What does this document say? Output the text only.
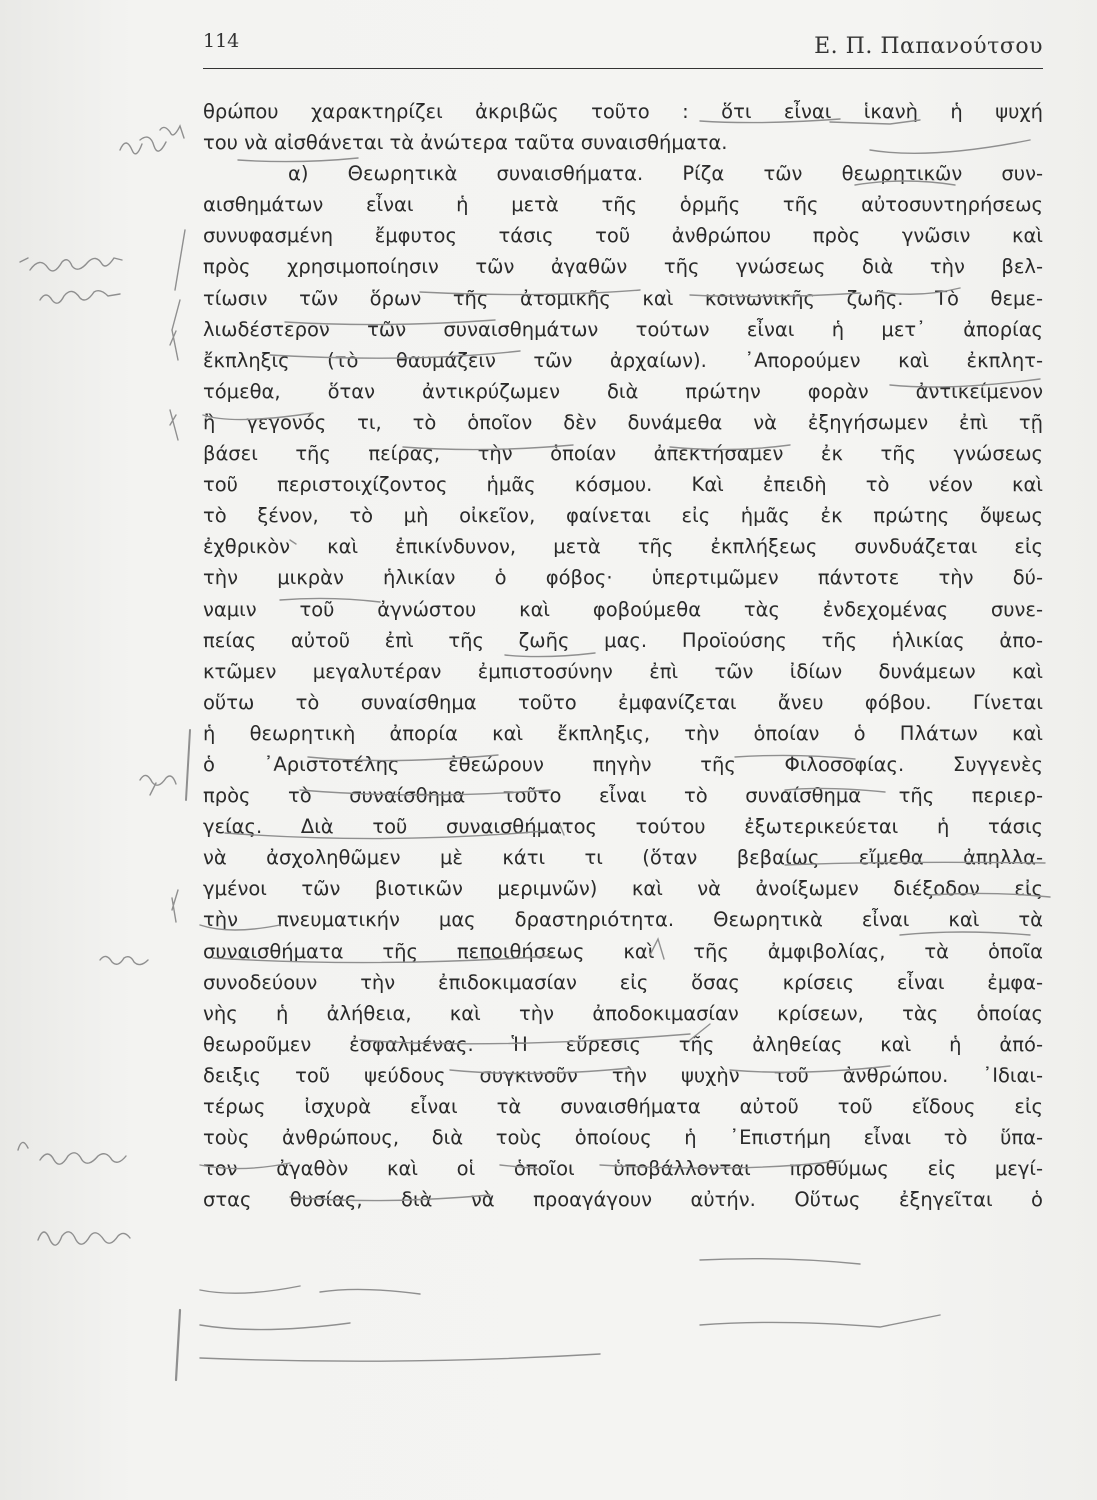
114	Ε. Π. Παπανούτσου
θρώπου χαρακτηρίζει ἀκριβῶς τοῦτο : ὅτι εἶναι ἱκανὴ ἡ ψυχή
του νὰ αἰσθάνεται τὰ ἀνώτερα ταῦτα συναισθήματα.
α) Θεωρητικὰ συναισθήματα. Ρίζα τῶν θεωρητικῶν συν-
αισθημάτων εἶναι ἡ μετὰ τῆς ὁρμῆς τῆς αὐτοσυντηρήσεως
συνυφασμένη ἔμφυτος τάσις τοῦ ἀνθρώπου πρὸς γνῶσιν καὶ
πρὸς χρησιμοποίησιν τῶν ἀγαθῶν τῆς γνώσεως διὰ τὴν βελ-
τίωσιν τῶν ὅρων τῆς ἀτομικῆς καὶ κοινωνικῆς ζωῆς. Τὸ θεμε-
λιωδέστερον τῶν συναισθημάτων τούτων εἶναι ἡ μετ᾽ ἀπορίας
ἔκπληξις (τὸ θαυμάζειν τῶν ἀρχαίων). ᾽Απορούμεν καὶ ἐκπλητ-
τόμεθα, ὅταν ἀντικρύζωμεν διὰ πρώτην φορὰν ἀντικείμενον
ἢ γεγονός τι, τὸ ὁποῖον δὲν δυνάμεθα νὰ ἐξηγήσωμεν ἐπὶ τῇ
βάσει τῆς πείρας, τὴν ὁποίαν ἀπεκτήσαμεν ἐκ τῆς γνώσεως
τοῦ περιστοιχίζοντος ἡμᾶς κόσμου. Καὶ ἐπειδὴ τὸ νέον καὶ
τὸ ξένον, τὸ μὴ οἰκεῖον, φαίνεται εἰς ἡμᾶς ἐκ πρώτης ὄψεως
ἐχθρικὸν καὶ ἐπικίνδυνον, μετὰ τῆς ἐκπλήξεως συνδυάζεται εἰς
τὴν μικρὰν ἡλικίαν ὁ φόβος· ὑπερτιμῶμεν πάντοτε τὴν δύ-
ναμιν τοῦ ἀγνώστου καὶ φοβούμεθα τὰς ἐνδεχομένας συνε-
πείας αὐτοῦ ἐπὶ τῆς ζωῆς μας. Προϊούσης τῆς ἡλικίας ἀπο-
κτῶμεν μεγαλυτέραν ἐμπιστοσύνην ἐπὶ τῶν ἰδίων δυνάμεων καὶ
οὕτω τὸ συναίσθημα τοῦτο ἐμφανίζεται ἄνευ φόβου. Γίνεται
ἡ θεωρητικὴ ἀπορία καὶ ἔκπληξις, τὴν ὁποίαν ὁ Πλάτων καὶ
ὁ ᾽Αριστοτέλης ἐθεώρουν πηγὴν τῆς Φιλοσοφίας. Συγγενὲς
πρὸς τὸ συναίσθημα τοῦτο εἶναι τὸ συναίσθημα τῆς περιερ-
γείας. Διὰ τοῦ συναισθήματος τούτου ἐξωτερικεύεται ἡ τάσις
νὰ ἀσχοληθῶμεν μὲ κάτι τι (ὅταν βεβαίως εἴμεθα ἀπηλλα-
γμένοι τῶν βιοτικῶν μεριμνῶν) καὶ νὰ ἀνοίξωμεν διέξοδον εἰς
τὴν πνευματικήν μας δραστηριότητα. Θεωρητικὰ εἶναι καὶ τὰ
συναισθήματα τῆς πεποιθήσεως καὶ τῆς ἀμφιβολίας, τὰ ὁποῖα
συνοδεύουν τὴν ἐπιδοκιμασίαν εἰς ὅσας κρίσεις εἶναι ἐμφα-
νὴς ἡ ἀλήθεια, καὶ τὴν ἀποδοκιμασίαν κρίσεων, τὰς ὁποίας
θεωροῦμεν ἐσφαλμένας. Ἡ εὕρεσις τῆς ἀληθείας καὶ ἡ ἀπό-
δειξις τοῦ ψεύδους συγκινοῦν τὴν ψυχὴν τοῦ ἀνθρώπου. ᾽Ιδιαι-
τέρως ἰσχυρὰ εἶναι τὰ συναισθήματα αὐτοῦ τοῦ εἴδους εἰς
τοὺς ἀνθρώπους, διὰ τοὺς ὁποίους ἡ ᾽Επιστήμη εἶναι τὸ ὕπα-
τον ἀγαθὸν καὶ οἱ ὁποῖοι ὑποβάλλονται προθύμως εἰς μεγί-
στας θυσίας, διὰ νὰ προαγάγουν αὐτήν. Οὕτως ἐξηγεῖται ὁ
